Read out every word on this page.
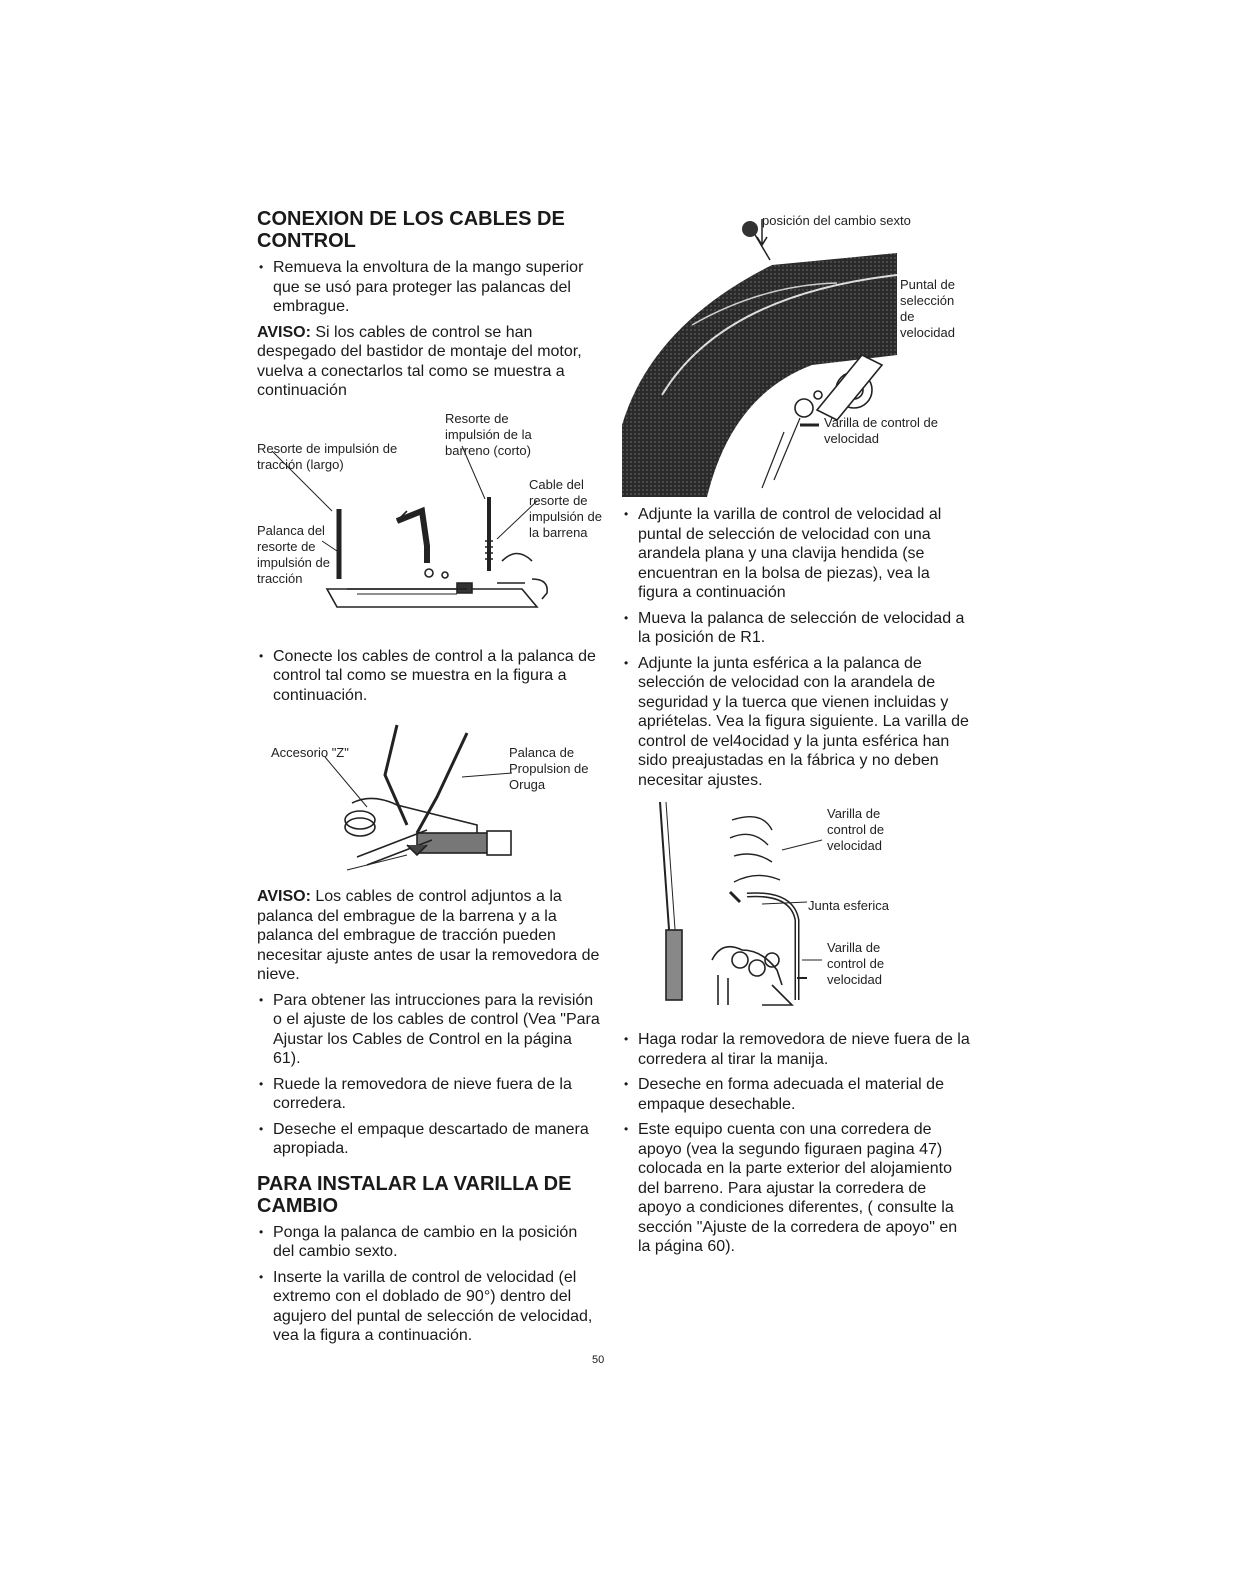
CONEXION DE LOS CABLES DE CONTROL
• Remueva la envoltura de la mango superior que se usó para proteger las palancas del embrague.

AVISO: Si los cables de control se han despegado del bastidor de montaje del motor, vuelva a conectarlos tal como se muestra a continuación

Resorte de impulsión de tracción (largo)
Resorte de impulsión de la barreno (corto)
Cable del resorte de impulsión de la barrena
Palanca del resorte de impulsión de tracción
• Conecte los cables de control a la palanca de control tal como se muestra en la figura a continuación.
Accesorio "Z"	Palanca de Propulsion de Oruga

AVISO: Los cables de control adjuntos a la palanca del embrague de la barrena y a la palanca del embrague de tracción pueden necesitar ajuste antes de usar la removedora de nieve.

• Para obtener las intrucciones para la revisión o el ajuste de los cables de control (Vea "Para Ajustar los Cables de Control en la página 61).
• Ruede la removedora de nieve fuera de la corredera.
• Deseche el empaque descartado de manera apropiada.
PARA INSTALAR LA VARILLA DE CAMBIO
• Ponga la palanca de cambio en la posición del cambio sexto.
• Inserte la varilla de control de velocidad (el extremo con el doblado de 90°) dentro del agujero del puntal de selección de velocidad, vea la figura a continuación.
posición del cambio sexto
Puntal de selección de velocidad
Varilla de control de velocidad
• Adjunte la varilla de control de velocidad al puntal de selección de velocidad con una arandela plana y una clavija hendida (se encuentran en la bolsa de piezas), vea la figura a continuación
• Mueva la palanca de selección de velocidad a la posición de R1.
• Adjunte la junta esférica a la palanca de selección de velocidad con la arandela de seguridad y la tuerca que vienen incluidas y apriételas. Vea la figura siguiente. La varilla de control de vel4ocidad y la junta esférica han sido preajustadas en la fábrica y no deben necesitar ajustes.
Varilla de control de velocidad
Junta esferica
Varilla de control de velocidad
• Haga rodar la removedora de nieve fuera de la corredera al tirar la manija.
• Deseche en forma adecuada el material de empaque desechable.
• Este equipo cuenta con una corredera de apoyo (vea la segundo figuraen pagina 47) colocada en la parte exterior del alojamiento del barreno. Para ajustar la corredera de apoyo a condiciones diferentes, ( consulte la sección "Ajuste de la corredera de apoyo" en la página 60).
50
